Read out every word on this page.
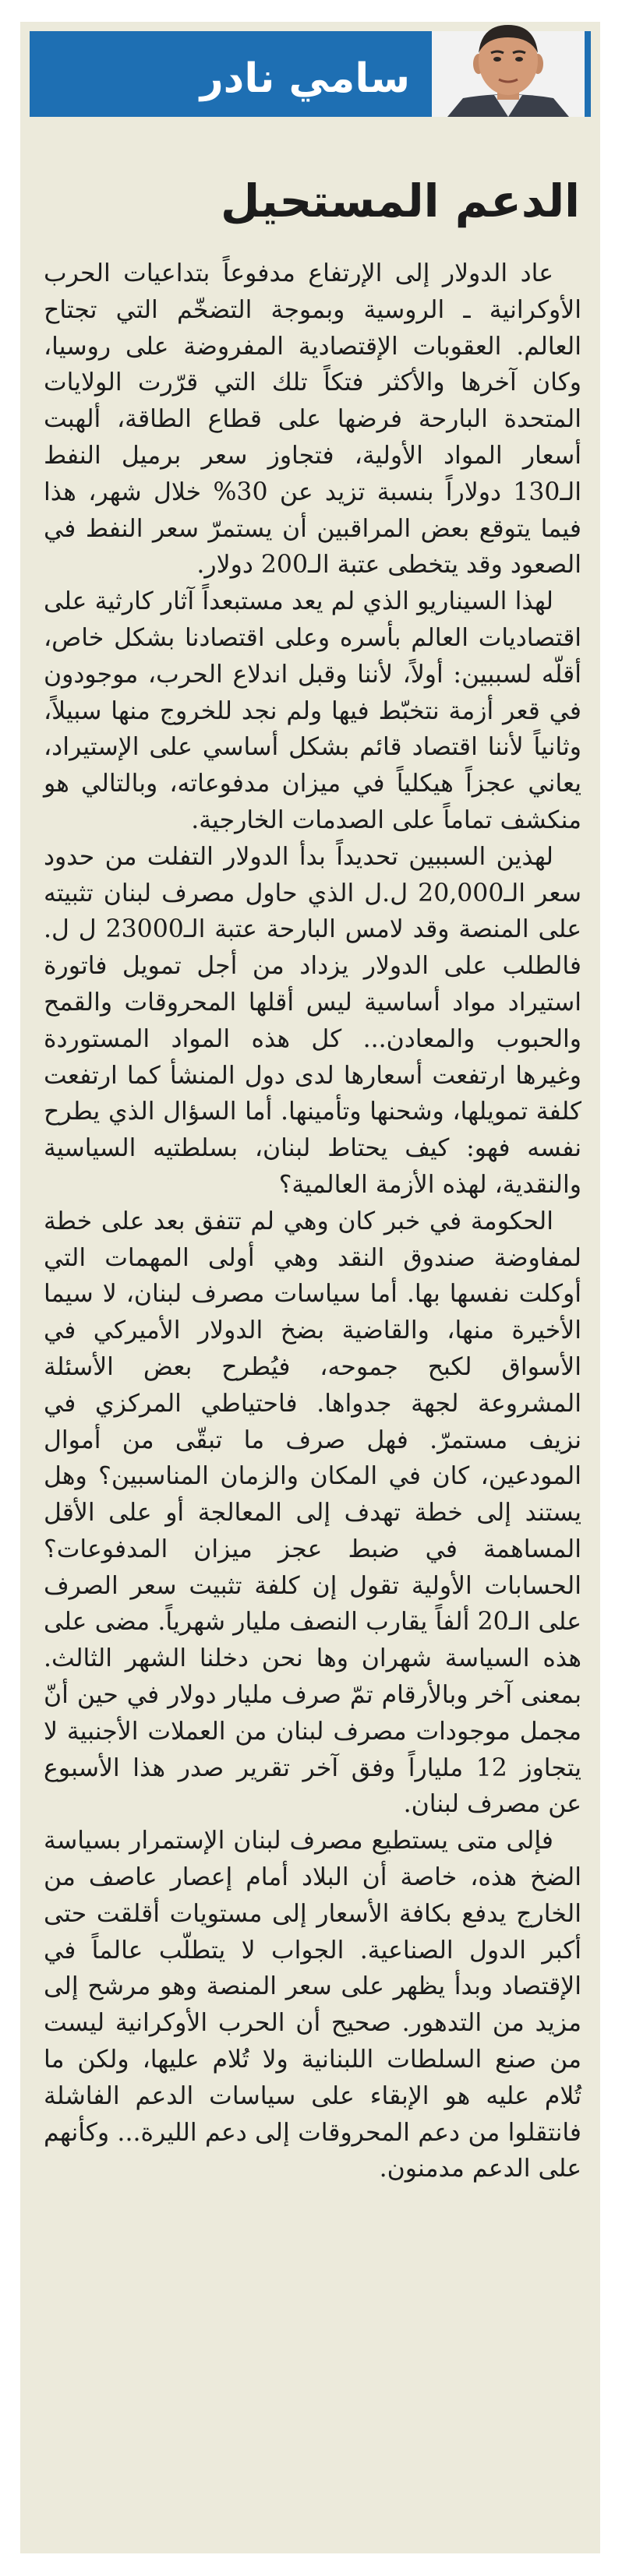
سامي نادر
الدعم المستحيل

عاد الدولار إلى الإرتفاع مدفوعاً بتداعيات الحرب الأوكرانية ـ الروسية وبموجة التضخّم التي تجتاح العالم. العقوبات الإقتصادية المفروضة على روسيا، وكان آخرها والأكثر فتكاً تلك التي قرّرت الولايات المتحدة البارحة فرضها على قطاع الطاقة، ألهبت أسعار المواد الأولية، فتجاوز سعر برميل النفط الـ130 دولاراً بنسبة تزيد عن 30% خلال شهر، هذا فيما يتوقع بعض المراقبين أن يستمرّ سعر النفط في الصعود وقد يتخطى عتبة الـ200 دولار.

لهذا السيناريو الذي لم يعد مستبعداً آثار كارثية على اقتصاديات العالم بأسره وعلى اقتصادنا بشكل خاص، أقلّه لسببين: أولاً، لأننا وقبل اندلاع الحرب، موجودون في قعر أزمة نتخبّط فيها ولم نجد للخروج منها سبيلاً، وثانياً لأننا اقتصاد قائم بشكل أساسي على الإستيراد، يعاني عجزاً هيكلياً في ميزان مدفوعاته، وبالتالي هو منكشف تماماً على الصدمات الخارجية.

لهذين السببين تحديداً بدأ الدولار التفلت من حدود سعر الـ20,000 ل.ل الذي حاول مصرف لبنان تثبيته على المنصة وقد لامس البارحة عتبة الـ23000 ل ل. فالطلب على الدولار يزداد من أجل تمويل فاتورة استيراد مواد أساسية ليس أقلها المحروقات والقمح والحبوب والمعادن... كل هذه المواد المستوردة وغيرها ارتفعت أسعارها لدى دول المنشأ كما ارتفعت كلفة تمويلها، وشحنها وتأمينها. أما السؤال الذي يطرح نفسه فهو: كيف يحتاط لبنان، بسلطتيه السياسية والنقدية، لهذه الأزمة العالمية؟

الحكومة في خبر كان وهي لم تتفق بعد على خطة لمفاوضة صندوق النقد وهي أولى المهمات التي أوكلت نفسها بها. أما سياسات مصرف لبنان، لا سيما الأخيرة منها، والقاضية بضخ الدولار الأميركي في الأسواق لكبح جموحه، فيُطرح بعض الأسئلة المشروعة لجهة جدواها. فاحتياطي المركزي في نزيف مستمرّ. فهل صرف ما تبقّى من أموال المودعين، كان في المكان والزمان المناسبين؟ وهل يستند إلى خطة تهدف إلى المعالجة أو على الأقل المساهمة في ضبط عجز ميزان المدفوعات؟ الحسابات الأولية تقول إن كلفة تثبيت سعر الصرف على الـ20 ألفاً يقارب النصف مليار شهرياً. مضى على هذه السياسة شهران وها نحن دخلنا الشهر الثالث. بمعنى آخر وبالأرقام تمّ صرف مليار دولار في حين أنّ مجمل موجودات مصرف لبنان من العملات الأجنبية لا يتجاوز 12 ملياراً وفق آخر تقرير صدر هذا الأسبوع عن مصرف لبنان.

فإلى متى يستطيع مصرف لبنان الإستمرار بسياسة الضخ هذه، خاصة أن البلاد أمام إعصار عاصف من الخارج يدفع بكافة الأسعار إلى مستويات أقلقت حتى أكبر الدول الصناعية. الجواب لا يتطلّب عالماً في الإقتصاد وبدأ يظهر على سعر المنصة وهو مرشح إلى مزيد من التدهور. صحيح أن الحرب الأوكرانية ليست من صنع السلطات اللبنانية ولا تُلام عليها، ولكن ما تُلام عليه هو الإبقاء على سياسات الدعم الفاشلة فانتقلوا من دعم المحروقات إلى دعم الليرة... وكأنهم على الدعم مدمنون.
